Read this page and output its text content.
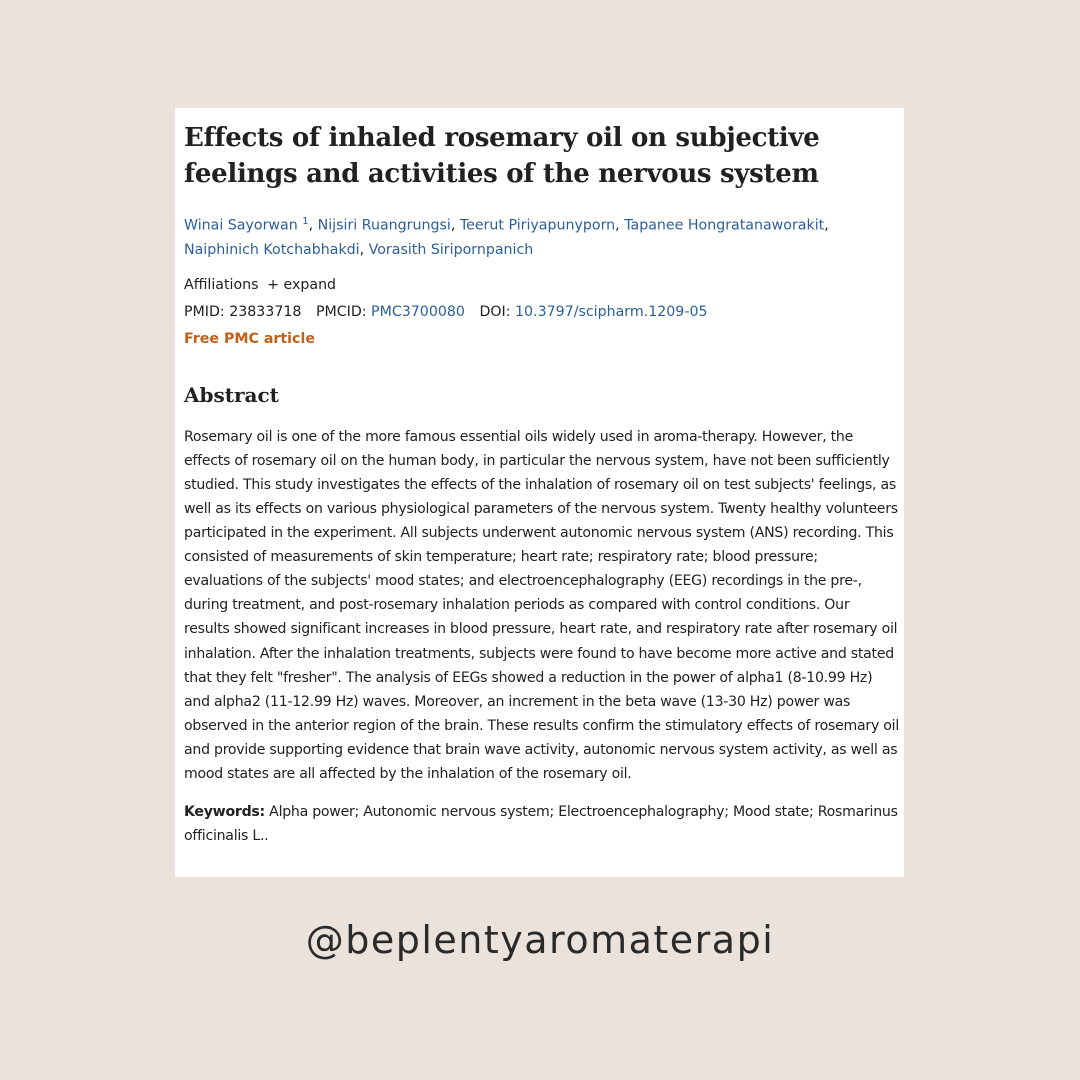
Effects of inhaled rosemary oil on subjective feelings and activities of the nervous system
Winai Sayorwan $^1$, Nijsiri Ruangrungsi, Teerut Piriyapunyporn, Tapanee Hongratanaworakit,
Naiphinich Kotchabhakdi, Vorasith Siripornpanich
Affiliations + expand
PMID: 23833718 PMCID: PMC3700080 DOI: 10.3797/scipharm.1209-05
Free PMC article
Abstract

Rosemary oil is one of the more famous essential oils widely used in aroma-therapy. However, the effects of rosemary oil on the human body, in particular the nervous system, have not been sufficiently studied. This study investigates the effects of the inhalation of rosemary oil on test subjects' feelings, as well as its effects on various physiological parameters of the nervous system. Twenty healthy volunteers participated in the experiment. All subjects underwent autonomic nervous system (ANS) recording. This consisted of measurements of skin temperature; heart rate; respiratory rate; blood pressure; evaluations of the subjects' mood states; and electroencephalography (EEG) recordings in the pre-, during treatment, and post-rosemary inhalation periods as compared with control conditions. Our results showed significant increases in blood pressure, heart rate, and respiratory rate after rosemary oil inhalation. After the inhalation treatments, subjects were found to have become more active and stated that they felt "fresher". The analysis of EEGs showed a reduction in the power of alpha1 (8-10.99 Hz) and alpha2 (11-12.99 Hz) waves. Moreover, an increment in the beta wave (13-30 Hz) power was observed in the anterior region of the brain. These results confirm the stimulatory effects of rosemary oil and provide supporting evidence that brain wave activity, autonomic nervous system activity, as well as mood states are all affected by the inhalation of the rosemary oil.

Keywords: Alpha power; Autonomic nervous system; Electroencephalography; Mood state; Rosmarinus officinalis L..
@beplentyaromaterapi
